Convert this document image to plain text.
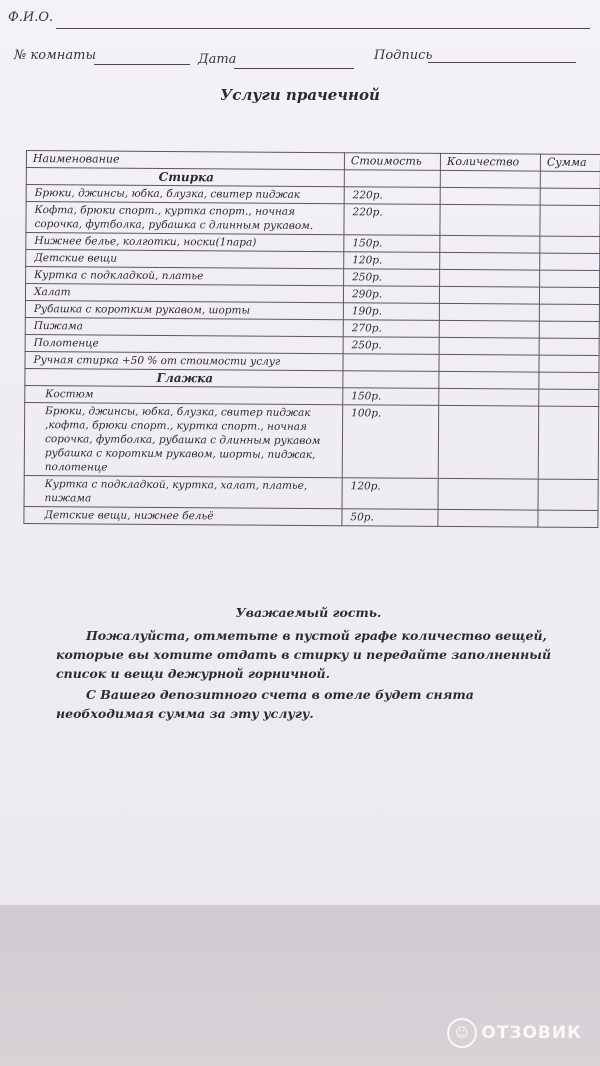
Ф.И.О.
№ комнаты	Дата	Подпись
Услуги прачечной
Наименование	Стоимость	Количество	Сумма
Стирка			
Брюки, джинсы, юбка, блузка, свитер пиджак	220р.		
Кофта, брюки спорт., куртка спорт., ночная сорочка, футболка, рубашка с длинным рукавом.	220р.		
Нижнее белье, колготки, носки(1пара)	150р.		
Детские вещи	120р.		
Куртка с подкладкой, платье	250р.		
Халат	290р.		
Рубашка с коротким рукавом, шорты	190р.		
Пижама	270р.		
Полотенце	250р.		
Ручная стирка +50 % от стоимости услуг			
Глажка			
Костюм	150р.		
Брюки, джинсы, юбка, блузка, свитер пиджак ,кофта, брюки спорт., куртка спорт., ночная сорочка, футболка, рубашка с длинным рукавом рубашка с коротким рукавом, шорты, пиджак, полотенце	100р.		
Куртка с подкладкой, куртка, халат, платье, пижама	120р.		
Детские вещи, нижнее бельё	50р.		

Уважаемый гость.

Пожалуйста, отметьте в пустой графе количество вещей, которые вы хотите отдать в стирку и передайте заполненный список и вещи дежурной горничной.

С Вашего депозитного счета в отеле будет снята необходимая сумма за эту услугу.

☺ ОТЗОВИК
